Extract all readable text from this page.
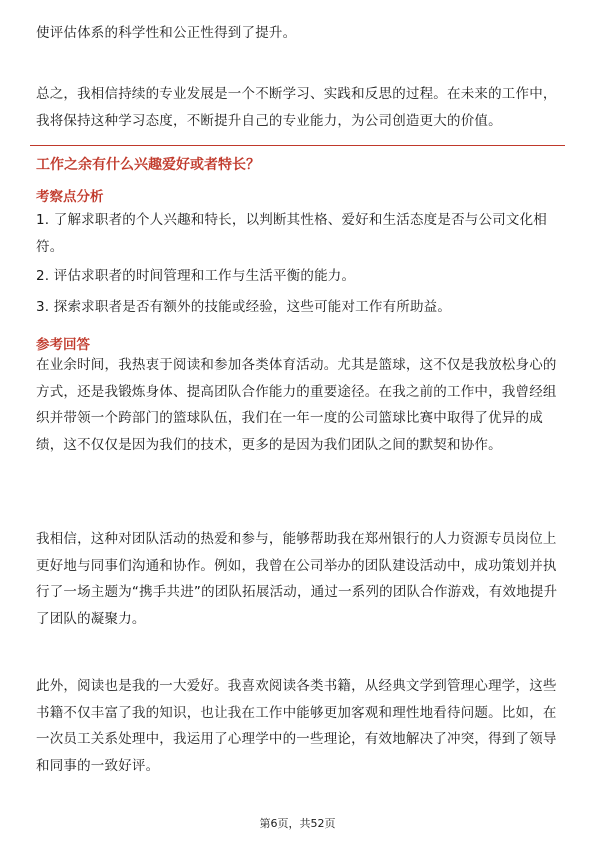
使评估体系的科学性和公正性得到了提升。

总之，我相信持续的专业发展是一个不断学习、实践和反思的过程。在未来的工作中，我将保持这种学习态度，不断提升自己的专业能力，为公司创造更大的价值。

工作之余有什么兴趣爱好或者特长？

考察点分析

1. 了解求职者的个人兴趣和特长，以判断其性格、爱好和生活态度是否与公司文化相符。

2. 评估求职者的时间管理和工作与生活平衡的能力。

3. 探索求职者是否有额外的技能或经验，这些可能对工作有所助益。

参考回答

在业余时间，我热衷于阅读和参加各类体育活动。尤其是篮球，这不仅是我放松身心的方式，还是我锻炼身体、提高团队合作能力的重要途径。在我之前的工作中，我曾经组织并带领一个跨部门的篮球队伍，我们在一年一度的公司篮球比赛中取得了优异的成绩，这不仅仅是因为我们的技术，更多的是因为我们团队之间的默契和协作。

我相信，这种对团队活动的热爱和参与，能够帮助我在郑州银行的人力资源专员岗位上更好地与同事们沟通和协作。例如，我曾在公司举办的团队建设活动中，成功策划并执行了一场主题为“携手共进”的团队拓展活动，通过一系列的团队合作游戏，有效地提升了团队的凝聚力。

此外，阅读也是我的一大爱好。我喜欢阅读各类书籍，从经典文学到管理心理学，这些书籍不仅丰富了我的知识，也让我在工作中能够更加客观和理性地看待问题。比如，在一次员工关系处理中，我运用了心理学中的一些理论，有效地解决了冲突，得到了领导和同事的一致好评。

第6页，共52页
